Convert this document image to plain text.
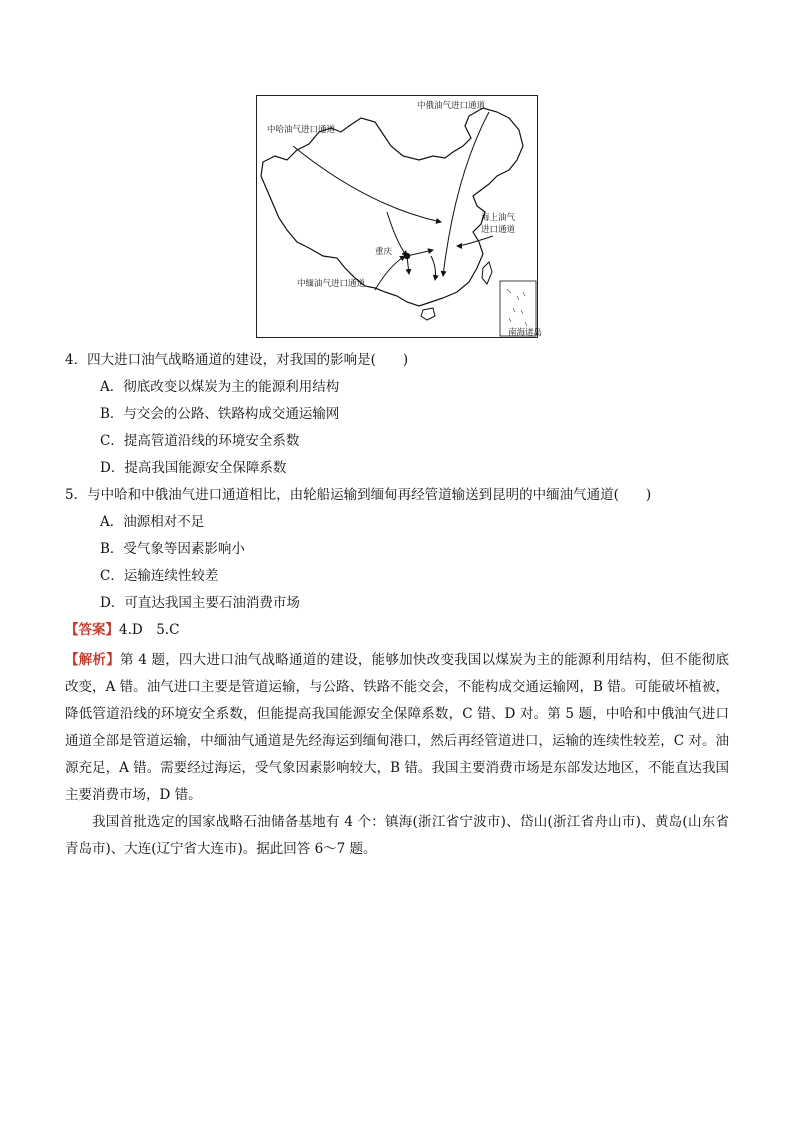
南海诸岛
中哈油气进口通道
中俄油气进口通道
海上油气
进口通道
重庆
中缅油气进口通道
4．四大进口油气战略通道的建设，对我国的影响是(　　)
A．彻底改变以煤炭为主的能源利用结构
B．与交会的公路、铁路构成交通运输网
C．提高管道沿线的环境安全系数
D．提高我国能源安全保障系数
5．与中哈和中俄油气进口通道相比，由轮船运输到缅甸再经管道输送到昆明的中缅油气通道(　　)
A．油源相对不足
B．受气象等因素影响小
C．运输连续性较差
D．可直达我国主要石油消费市场
【答案】4.D　5.C
【解析】第 4 题，四大进口油气战略通道的建设，能够加快改变我国以煤炭为主的能源利用结构，但不能彻底改变，A 错。油气进口主要是管道运输，与公路、铁路不能交会，不能构成交通运输网，B 错。可能破坏植被，降低管道沿线的环境安全系数，但能提高我国能源安全保障系数，C 错、D 对。第 5 题，中哈和中俄油气进口通道全部是管道运输，中缅油气通道是先经海运到缅甸港口，然后再经管道进口，运输的连续性较差，C 对。油源充足，A 错。需要经过海运，受气象因素影响较大，B 错。我国主要消费市场是东部发达地区，不能直达我国主要消费市场，D 错。
我国首批选定的国家战略石油储备基地有 4 个：镇海(浙江省宁波市)、岱山(浙江省舟山市)、黄岛(山东省青岛市)、大连(辽宁省大连市)。据此回答 6～7 题。
